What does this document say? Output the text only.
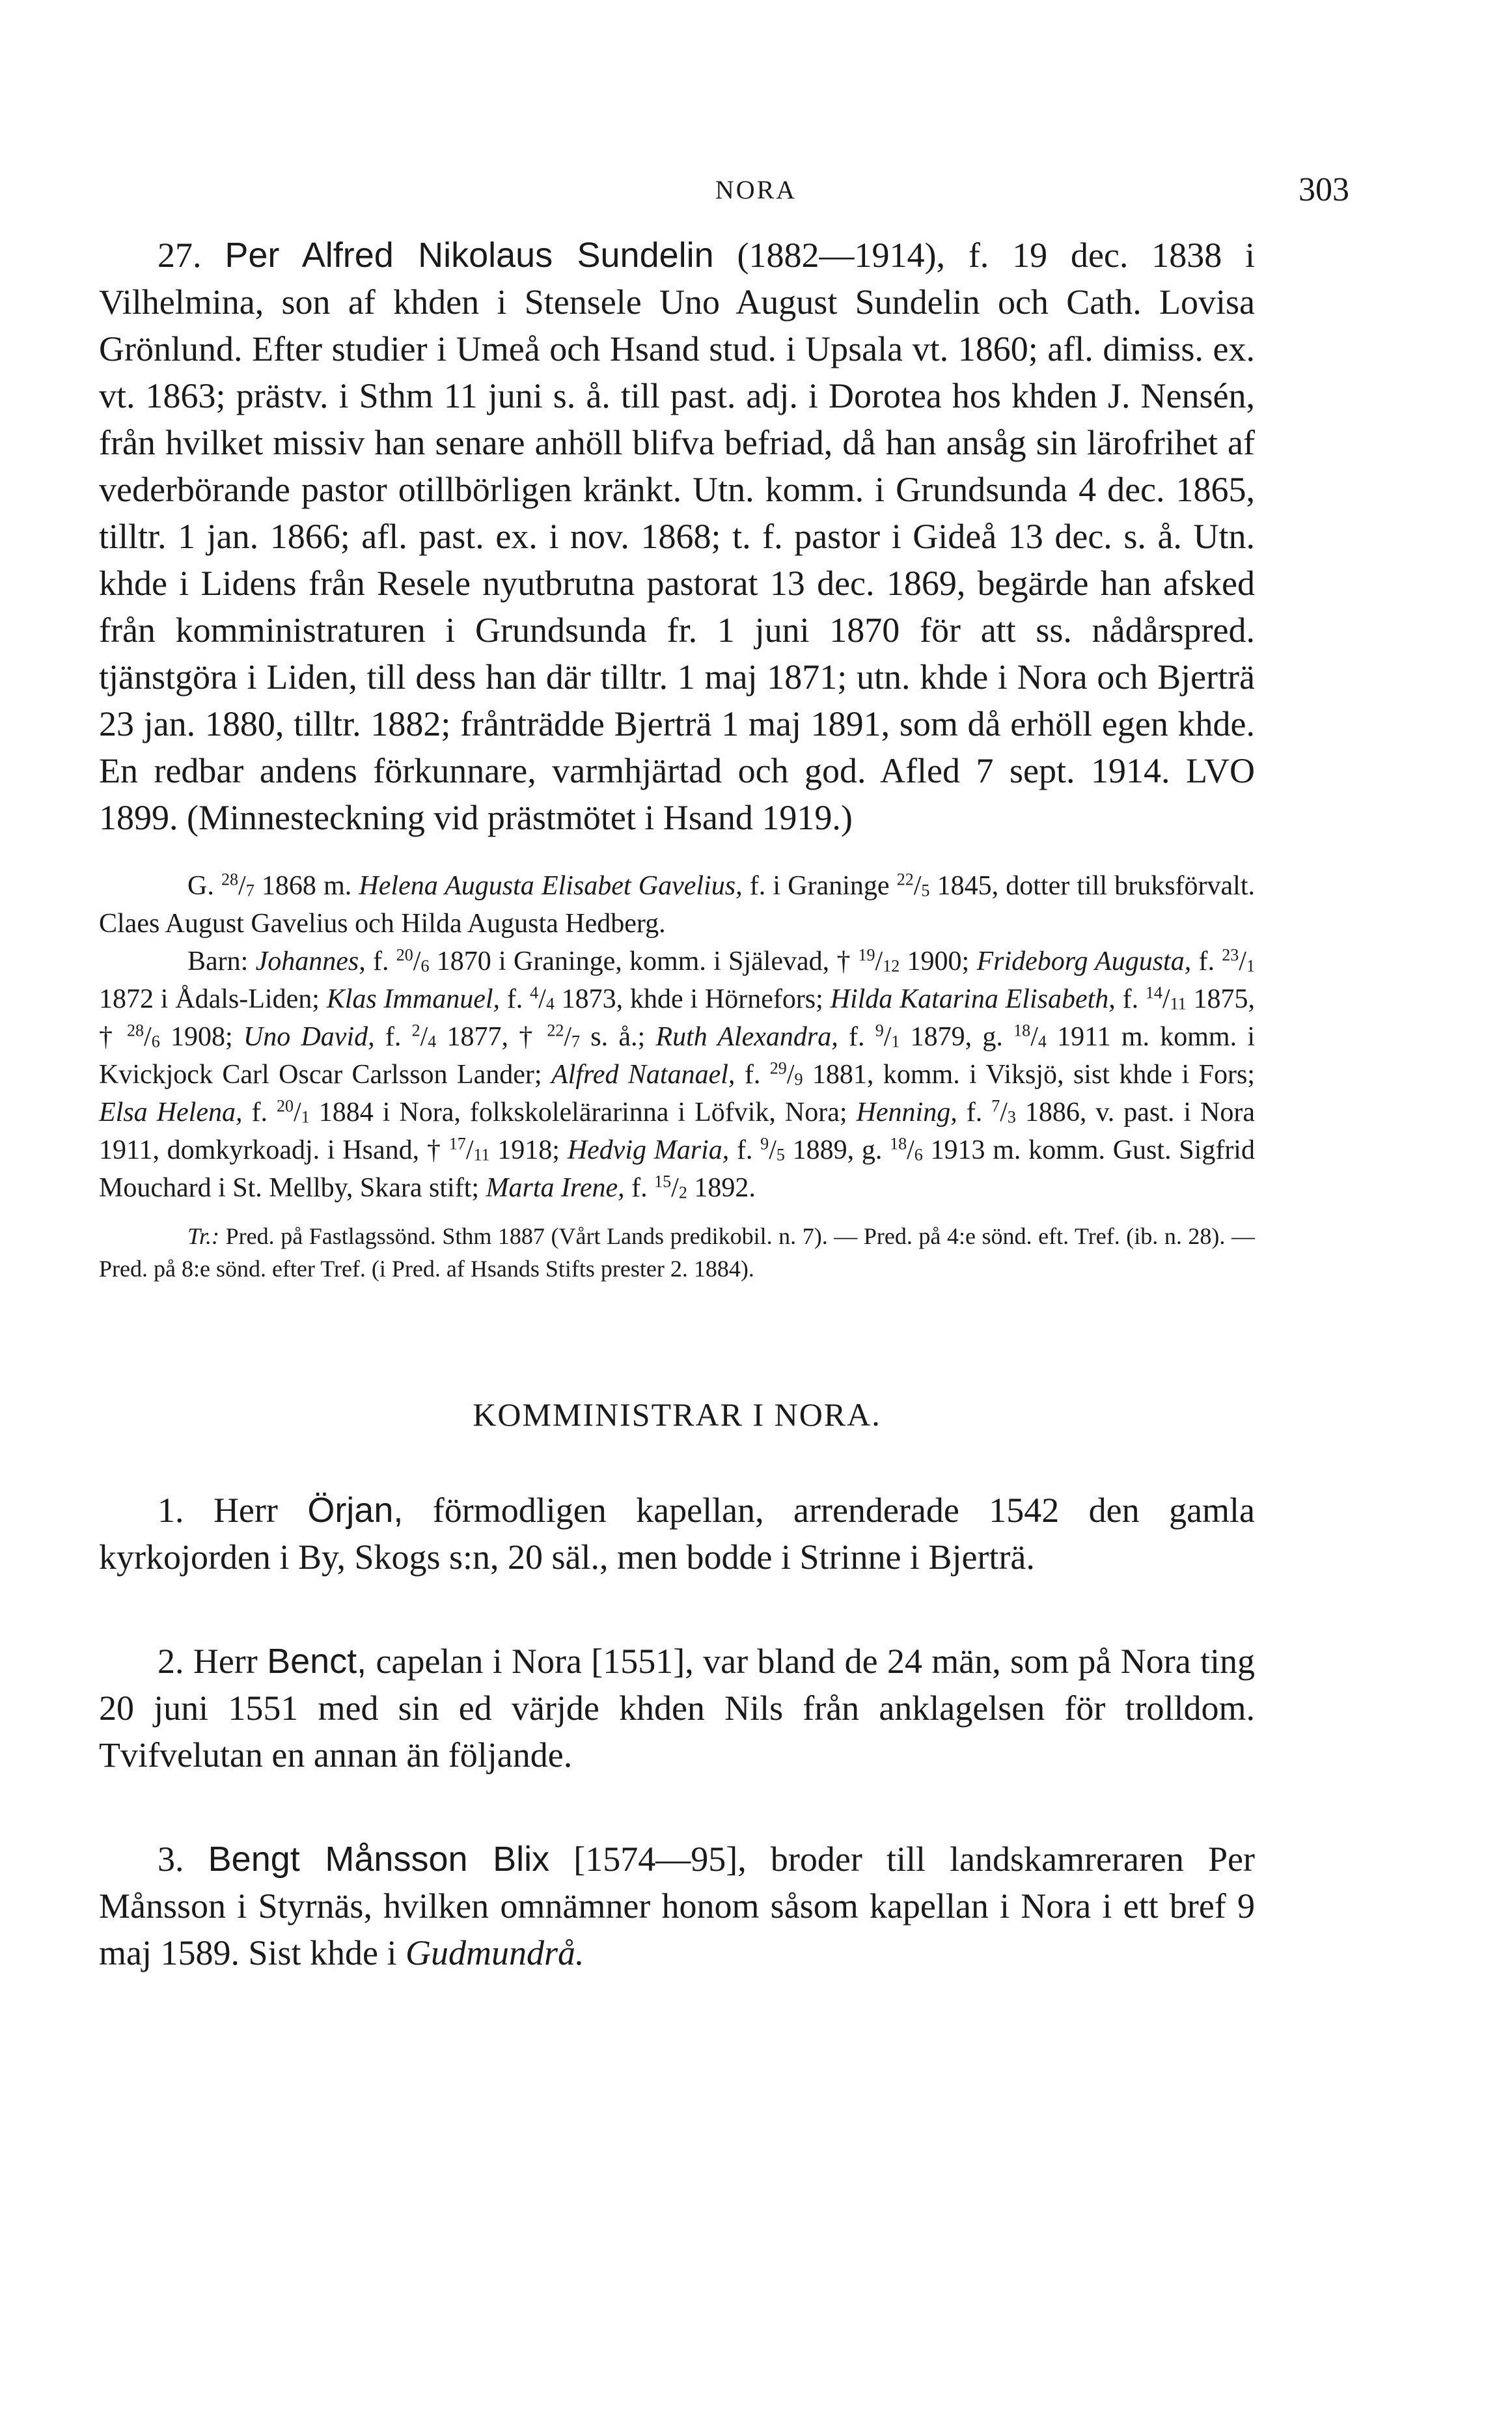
NORA	303

27. Per Alfred Nikolaus Sundelin (1882—1914), f. 19 dec. 1838 i Vilhelmina, son af khden i Stensele Uno August Sundelin och Cath. Lovisa Grönlund. Efter studier i Umeå och Hsand stud. i Upsala vt. 1860; afl. dimiss. ex. vt. 1863; prästv. i Sthm 11 juni s. å. till past. adj. i Dorotea hos khden J. Nensén, från hvilket missiv han senare anhöll blifva befriad, då han ansåg sin lärofrihet af vederbörande pastor otillbörligen kränkt. Utn. komm. i Grundsunda 4 dec. 1865, tilltr. 1 jan. 1866; afl. past. ex. i nov. 1868; t. f. pastor i Gideå 13 dec. s. å. Utn. khde i Lidens från Resele nyutbrutna pastorat 13 dec. 1869, begärde han afsked från komministraturen i Grundsunda fr. 1 juni 1870 för att ss. nådårspred. tjänstgöra i Liden, till dess han där tilltr. 1 maj 1871; utn. khde i Nora och Bjerträ 23 jan. 1880, tilltr. 1882; frånträdde Bjerträ 1 maj 1891, som då erhöll egen khde. En redbar andens förkunnare, varmhjärtad och god. Afled 7 sept. 1914. LVO 1899. (Minnesteckning vid prästmötet i Hsand 1919.)

G. $^{28}/_7$ 1868 m. Helena Augusta Elisabet Gavelius, f. i Graninge $^{22}/_5$ 1845, dotter till bruksförvalt. Claes August Gavelius och Hilda Augusta Hedberg.

Barn: Johannes, f. $^{20}/_6$ 1870 i Graninge, komm. i Själevad, † $^{19}/_{12}$ 1900; Frideborg Augusta, f. $^{23}/_1$ 1872 i Ådals-Liden; Klas Immanuel, f. $^4/_4$ 1873, khde i Hörnefors; Hilda Katarina Elisabeth, f. $^{14}/_{11}$ 1875, † $^{28}/_6$ 1908; Uno David, f. $^2/_4$ 1877, † $^{22}/_7$ s. å.; Ruth Alexandra, f. $^9/_1$ 1879, g. $^{18}/_4$ 1911 m. komm. i Kvickjock Carl Oscar Carlsson Lander; Alfred Natanael, f. $^{29}/_9$ 1881, komm. i Viksjö, sist khde i Fors; Elsa Helena, f. $^{20}/_1$ 1884 i Nora, folkskolelärarinna i Löfvik, Nora; Henning, f. $^7/_3$ 1886, v. past. i Nora 1911, domkyrkoadj. i Hsand, † $^{17}/_{11}$ 1918; Hedvig Maria, f. $^9/_5$ 1889, g. $^{18}/_6$ 1913 m. komm. Gust. Sigfrid Mouchard i St. Mellby, Skara stift; Marta Irene, f. $^{15}/_2$ 1892.

Tr.: Pred. på Fastlagssönd. Sthm 1887 (Vårt Lands predikobil. n. 7). — Pred. på 4:e sönd. eft. Tref. (ib. n. 28). — Pred. på 8:e sönd. efter Tref. (i Pred. af Hsands Stifts prester 2. 1884).

KOMMINISTRAR I NORA.

1. Herr Örjan, förmodligen kapellan, arrenderade 1542 den gamla kyrkojorden i By, Skogs s:n, 20 säl., men bodde i Strinne i Bjerträ.

2. Herr Benct, capelan i Nora [1551], var bland de 24 män, som på Nora ting 20 juni 1551 med sin ed värjde khden Nils från anklagelsen för trolldom. Tvifvelutan en annan än följande.

3. Bengt Månsson Blix [1574—95], broder till landskamreraren Per Månsson i Styrnäs, hvilken omnämner honom såsom kapellan i Nora i ett bref 9 maj 1589. Sist khde i Gudmundrå.
